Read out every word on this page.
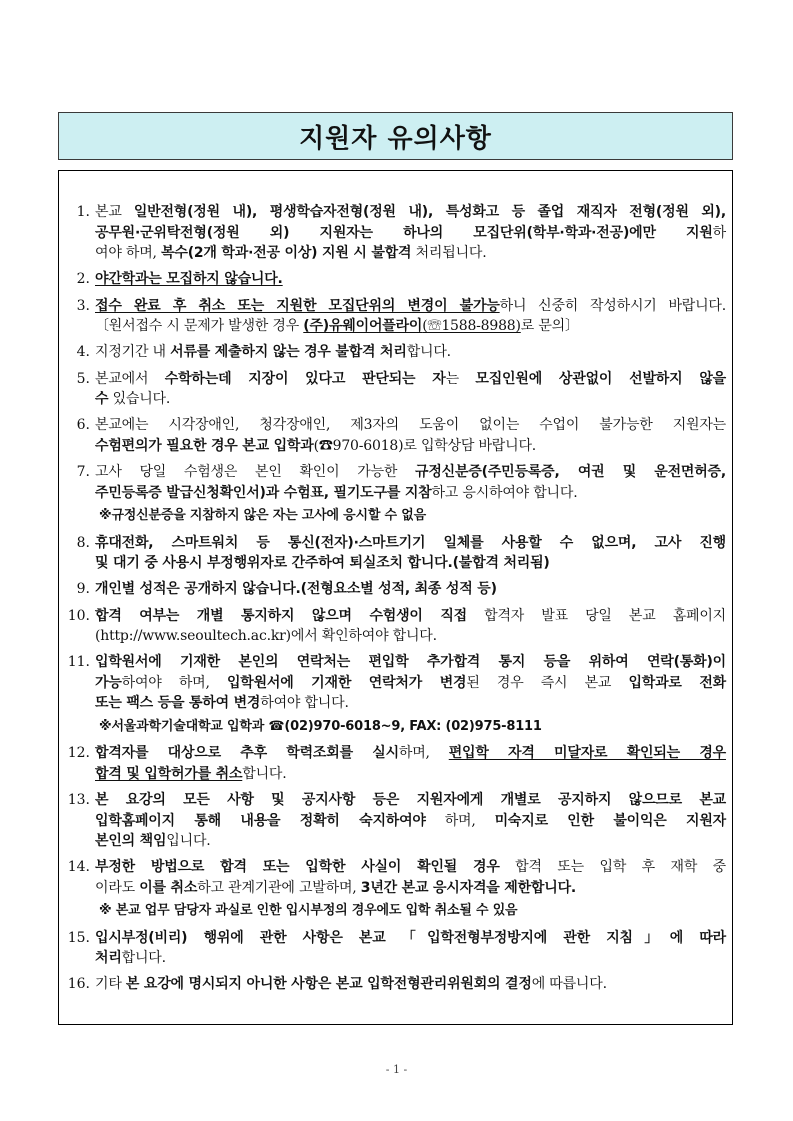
지원자 유의사항
1. 본교 일반전형(정원 내), 평생학습자전형(정원 내), 특성화고 등 졸업 재직자 전형(정원 외),
공무원·군위탁전형(정원 외) 지원자는 하나의 모집단위(학부·학과·전공)에만 지원하
여야 하며, 복수(2개 학과·전공 이상) 지원 시 불합격 처리됩니다.
2. 야간학과는 모집하지 않습니다.
3. 접수 완료 후 취소 또는 지원한 모집단위의 변경이 불가능하니 신중히 작성하시기 바랍니다.
〔원서접수 시 문제가 발생한 경우 (주)유웨이어플라이(☏1588-8988)로 문의〕
4. 지정기간 내 서류를 제출하지 않는 경우 불합격 처리합니다.
5. 본교에서 수학하는데 지장이 있다고 판단되는 자는 모집인원에 상관없이 선발하지 않을
수 있습니다.
6. 본교에는 시각장애인, 청각장애인, 제3자의 도움이 없이는 수업이 불가능한 지원자는
수험편의가 필요한 경우 본교 입학과(☎970-6018)로 입학상담 바랍니다.
7. 고사 당일 수험생은 본인 확인이 가능한 규정신분증(주민등록증, 여권 및 운전면허증,
주민등록증 발급신청확인서)과 수험표, 필기도구를 지참하고 응시하여야 합니다.
※규정신분증을 지참하지 않은 자는 고사에 응시할 수 없음
8. 휴대전화, 스마트워치 등 통신(전자)·스마트기기 일체를 사용할 수 없으며, 고사 진행
및 대기 중 사용시 부정행위자로 간주하여 퇴실조치 합니다.(불합격 처리됨)
9. 개인별 성적은 공개하지 않습니다.(전형요소별 성적, 최종 성적 등)
10. 합격 여부는 개별 통지하지 않으며 수험생이 직접 합격자 발표 당일 본교 홈페이지
(http://www.seoultech.ac.kr)에서 확인하여야 합니다.
11. 입학원서에 기재한 본인의 연락처는 편입학 추가합격 통지 등을 위하여 연락(통화)이
가능하여야 하며, 입학원서에 기재한 연락처가 변경된 경우 즉시 본교 입학과로 전화
또는 팩스 등을 통하여 변경하여야 합니다.
※서울과학기술대학교 입학과 ☎(02)970-6018~9, FAX: (02)975-8111
12. 합격자를 대상으로 추후 학력조회를 실시하며, 편입학 자격 미달자로 확인되는 경우
합격 및 입학허가를 취소합니다.
13. 본 요강의 모든 사항 및 공지사항 등은 지원자에게 개별로 공지하지 않으므로 본교
입학홈페이지 통해 내용을 정확히 숙지하여야 하며, 미숙지로 인한 불이익은 지원자
본인의 책임입니다.
14. 부정한 방법으로 합격 또는 입학한 사실이 확인될 경우 합격 또는 입학 후 재학 중
이라도 이를 취소하고 관계기관에 고발하며, 3년간 본교 응시자격을 제한합니다.
※ 본교 업무 담당자 과실로 인한 입시부정의 경우에도 입학 취소될 수 있음
15. 입시부정(비리) 행위에 관한 사항은 본교 「입학전형부정방지에 관한 지침」에 따라
처리합니다.
16. 기타 본 요강에 명시되지 아니한 사항은 본교 입학전형관리위원회의 결정에 따릅니다.
- 1 -
